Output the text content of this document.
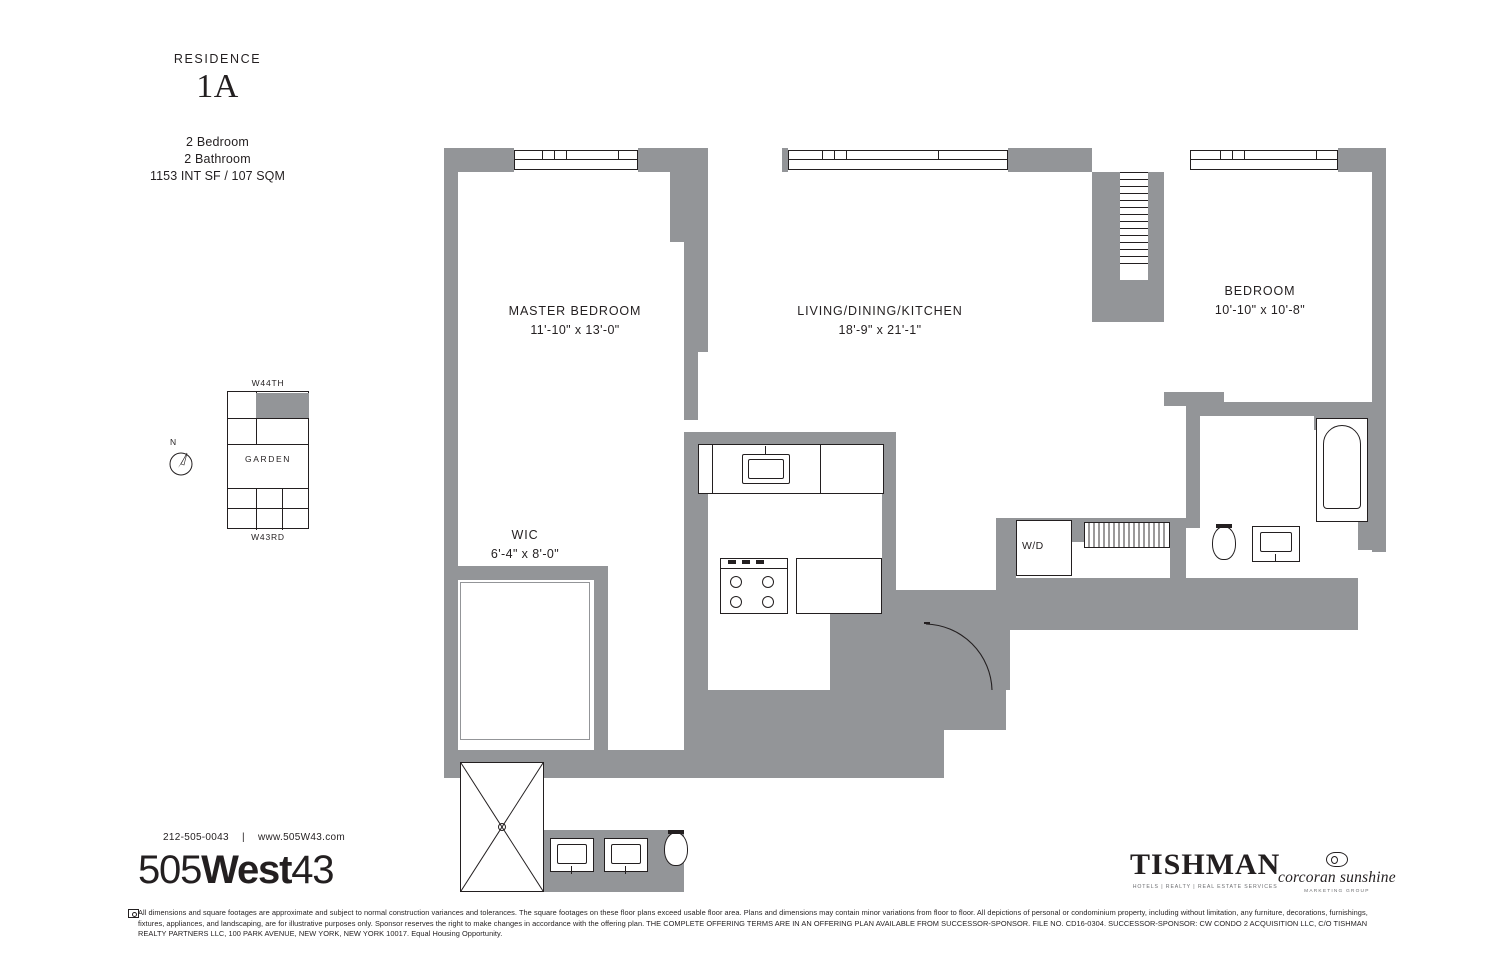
RESIDENCE
1A
2 Bedroom
2 Bathroom
1153 INT SF / 107 SQM
W44TH
GARDEN
W43RD
N
W/D
MASTER BEDROOM
11'-10" x 13'-0"
LIVING/DINING/KITCHEN
18'-9" x 21'-1"
BEDROOM
10'-10" x 10'-8"
WIC
6'-4" x 8'-0"
212-505-0043 | www.505W43.com
505West43	TISHMAN
HOTELS | REALTY | REAL ESTATE SERVICES
corcoran sunshine
MARKETING GROUP
All dimensions and square footages are approximate and subject to normal construction variances and tolerances. The square footages on these floor plans exceed usable floor area. Plans and dimensions may contain minor variations from floor to floor. All depictions of personal or condominium property, including without limitation, any furniture, decorations, furnishings, fixtures, appliances, and landscaping, are for illustrative purposes only. Sponsor reserves the right to make changes in accordance with the offering plan. THE COMPLETE OFFERING TERMS ARE IN AN OFFERING PLAN AVAILABLE FROM SUCCESSOR-SPONSOR. FILE NO. CD16-0304. SUCCESSOR-SPONSOR: CW CONDO 2 ACQUISITION LLC, C/O TISHMAN REALTY PARTNERS LLC, 100 PARK AVENUE, NEW YORK, NEW YORK 10017. Equal Housing Opportunity.
